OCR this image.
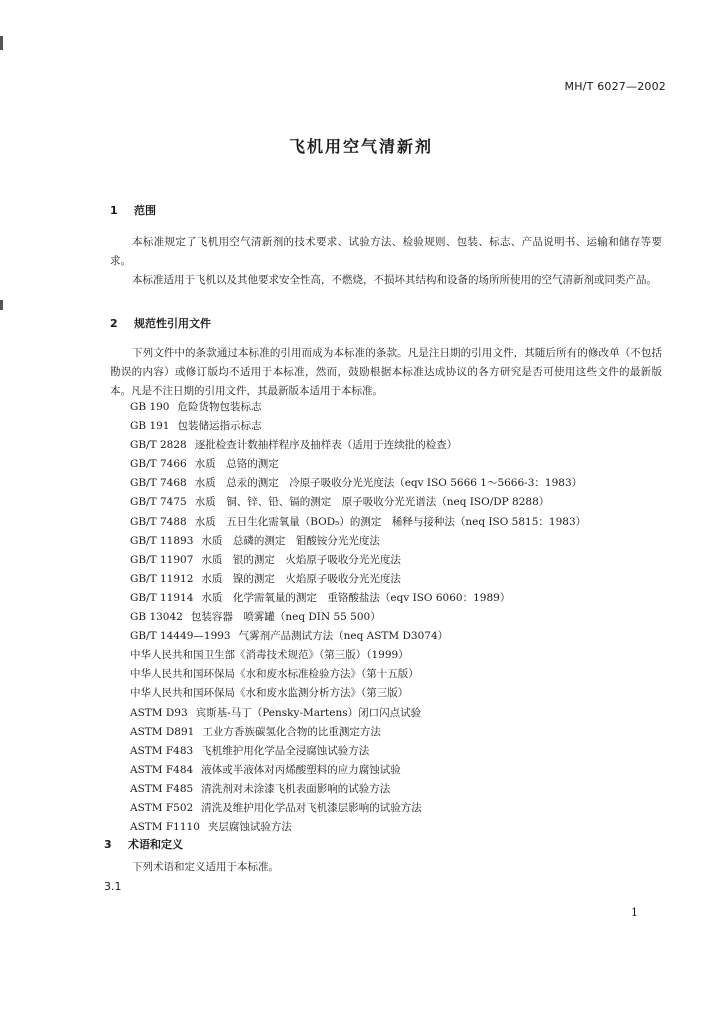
MH/T 6027—2002
飞机用空气清新剂
1 范围
本标准规定了飞机用空气清新剂的技术要求、试验方法、检验规则、包装、标志、产品说明书、运输和储存等要求。
本标准适用于飞机以及其他要求安全性高，不燃烧，不损坏其结构和设备的场所所使用的空气清新剂或同类产品。
2 规范性引用文件
下列文件中的条款通过本标准的引用而成为本标准的条款。凡是注日期的引用文件，其随后所有的修改单（不包括勘误的内容）或修订版均不适用于本标准，然而，鼓励根据本标准达成协议的各方研究是否可使用这些文件的最新版本。凡是不注日期的引用文件，其最新版本适用于本标准。
GB 190 危险货物包装标志
GB 191 包装储运指示标志
GB/T 2828 逐批检查计数抽样程序及抽样表（适用于连续批的检查）
GB/T 7466 水质　总铬的测定
GB/T 7468 水质　总汞的测定　冷原子吸收分光光度法（eqv ISO 5666 1～5666-3：1983）
GB/T 7475 水质　铜、锌、铅、镉的测定　原子吸收分光光谱法（neq ISO/DP 8288）
GB/T 7488 水质　五日生化需氧量（BOD₅）的测定　稀释与接种法（neq ISO 5815：1983）
GB/T 11893 水质　总磷的测定　钼酸铵分光光度法
GB/T 11907 水质　银的测定　火焰原子吸收分光光度法
GB/T 11912 水质　镍的测定　火焰原子吸收分光光度法
GB/T 11914 水质　化学需氧量的测定　重铬酸盐法（eqv ISO 6060：1989）
GB 13042 包装容器　喷雾罐（neq DIN 55 500）
GB/T 14449—1993 气雾剂产品测试方法（neq ASTM D3074）
中华人民共和国卫生部《消毒技术规范》（第三版）（1999）
中华人民共和国环保局《水和废水标准检验方法》（第十五版）
中华人民共和国环保局《水和废水监测分析方法》（第三版）
ASTM D93 宾斯基-马丁（Pensky-Martens）闭口闪点试验
ASTM D891 工业方香族碳氢化合物的比重测定方法
ASTM F483 飞机维护用化学品全浸腐蚀试验方法
ASTM F484 液体或半液体对丙烯酸塑料的应力腐蚀试验
ASTM F485 清洗剂对未涂漆飞机表面影响的试验方法
ASTM F502 清洗及维护用化学品对飞机漆层影响的试验方法
ASTM F1110 夹层腐蚀试验方法
3 术语和定义
下列术语和定义适用于本标准。
3.1
1
